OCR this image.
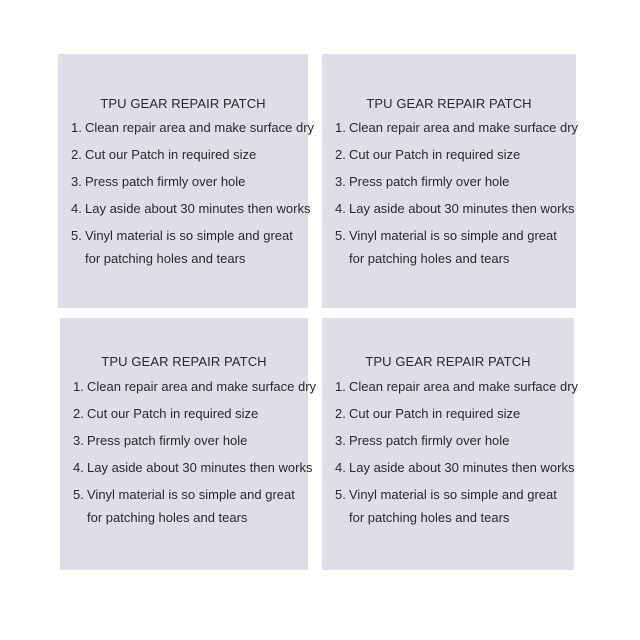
TPU GEAR REPAIR PATCH
1. Clean repair area and make surface dry
2. Cut our Patch in required size
3. Press patch firmly over hole
4. Lay aside about 30 minutes then works
5. Vinyl material is so simple and great
for patching holes and tears
TPU GEAR REPAIR PATCH
1. Clean repair area and make surface dry
2. Cut our Patch in required size
3. Press patch firmly over hole
4. Lay aside about 30 minutes then works
5. Vinyl material is so simple and great
for patching holes and tears
TPU GEAR REPAIR PATCH
1. Clean repair area and make surface dry
2. Cut our Patch in required size
3. Press patch firmly over hole
4. Lay aside about 30 minutes then works
5. Vinyl material is so simple and great
for patching holes and tears
TPU GEAR REPAIR PATCH
1. Clean repair area and make surface dry
2. Cut our Patch in required size
3. Press patch firmly over hole
4. Lay aside about 30 minutes then works
5. Vinyl material is so simple and great
for patching holes and tears
